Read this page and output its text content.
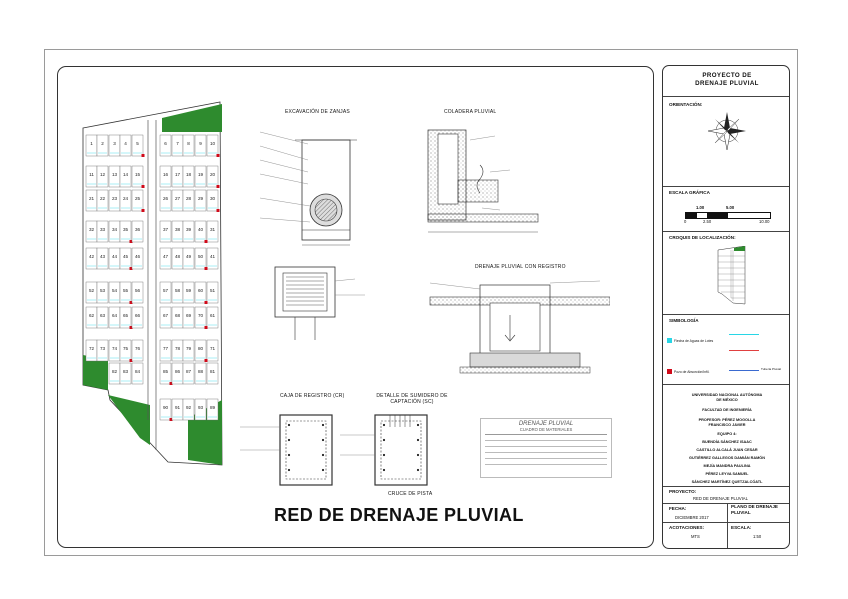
1 2 3 4 5	6 7 8 9 10
11 12 13 14 15	16 17 18 19 20
21 22 23 24 25	26 27 28 29 30
31
32 33 34 35 36	37 38 39 40
41
42 43 44 45 46	47 48 49 50
51
52 53 54 55 56	57 58 59 60
61
62 63 64 65 66	67 68 69 70
71
72 73 74 75 76	77 78 79 80
81
82 83 84	85 86 87 88
89
90 91 92 93
EXCAVACIÓN DE ZANJAS	COLADERA PLUVIAL
DRENAJE PLUVIAL CON REGISTRO
CAJA DE REGISTRO (CR)	DETALLE DE SUMIDERO DE CAPTACIÓN (SC)
CRUCE DE PISTA
DRENAJE PLUVIAL
CUADRO DE MATERIALES
RED DE DRENAJE PLUVIAL
PROYECTO DE DRENAJE PLUVIAL
ORIENTACIÓN:
ESCALA GRÁFICA
1.00	5.00
0	2.50	10.00
CROQUIS DE LOCALIZACIÓN:
SIMBOLOGÍA
Flecha de Aguas de Lotes
Pozo de Absorción/Infil.
Tubería Pluvial
UNIVERSIDAD NACIONAL AUTÓNOMA DE MÉXICO
FACULTAD DE INGENIERÍA
PROFESOR: PÉREZ MOGOLLA FRANCISCO JAVIER
EQUIPO 4:
BUENDÍA SÁNCHEZ ISAAC
CASTILLO ALCALÁ JUAN CESAR
GUTIÉRREZ GALLEGOS DAMIÁN RAMÓN
MEJÍA MANDRA PAULINA
PÉREZ LEYVA SAMUEL
SÁNCHEZ MARTÍNEZ QUETZALCÓATL
PROYECTO:
RED DE DRENAJE PLUVIAL
FECHA:
DICIEMBRE 2017
PLANO DE DRENAJE PLUVIAL
ACOTACIONES:
MTS
ESCALA:
1:50
